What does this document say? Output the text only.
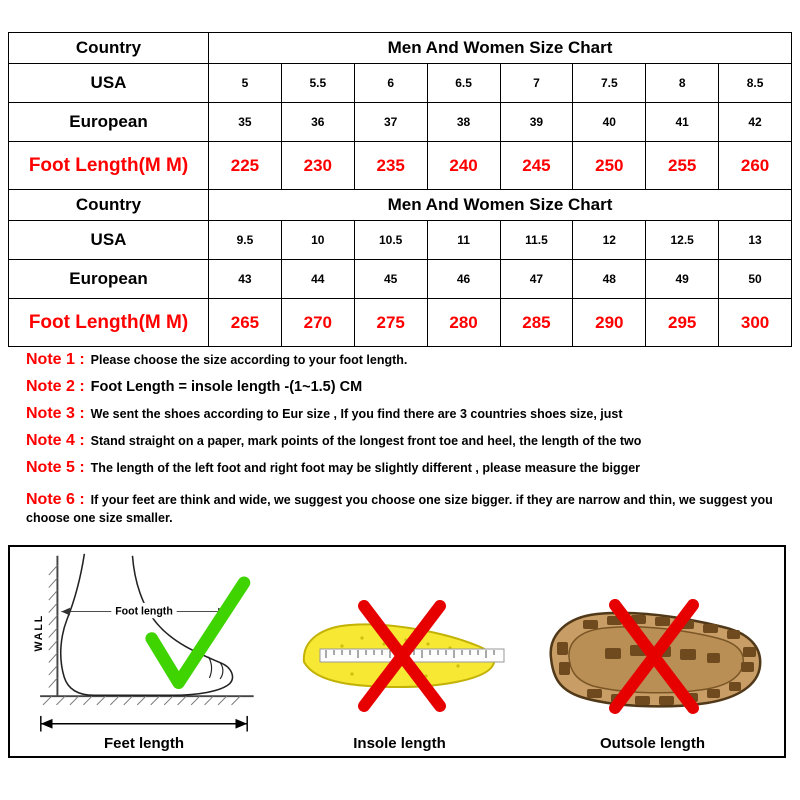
Country	Men And Women Size Chart							
USA	5	5.5	6	6.5	7	7.5	8	8.5
European	35	36	37	38	39	40	41	42
Foot Length(M M)	225	230	235	240	245	250	255	260
Country	Men And Women Size Chart							
USA	9.5	10	10.5	11	11.5	12	12.5	13
European	43	44	45	46	47	48	49	50
Foot Length(M M)	265	270	275	280	285	290	295	300
Note 1 : Please choose the size according to your foot length.
Note 2 : Foot Length = insole length -(1~1.5) CM
Note 3 : We sent the shoes according to Eur size , If you find there are 3 countries shoes size, just
Note 4 : Stand straight on a paper, mark points of the longest front toe and heel, the length of the two
Note 5 : The length of the left foot and right foot may be slightly different , please measure the bigger
Note 6 : If your feet are think and wide, we suggest you choose one size bigger. if they are narrow and thin, we suggest you choose one size smaller.
WALL
Foot length
Feet length	Insole length	Outsole length
